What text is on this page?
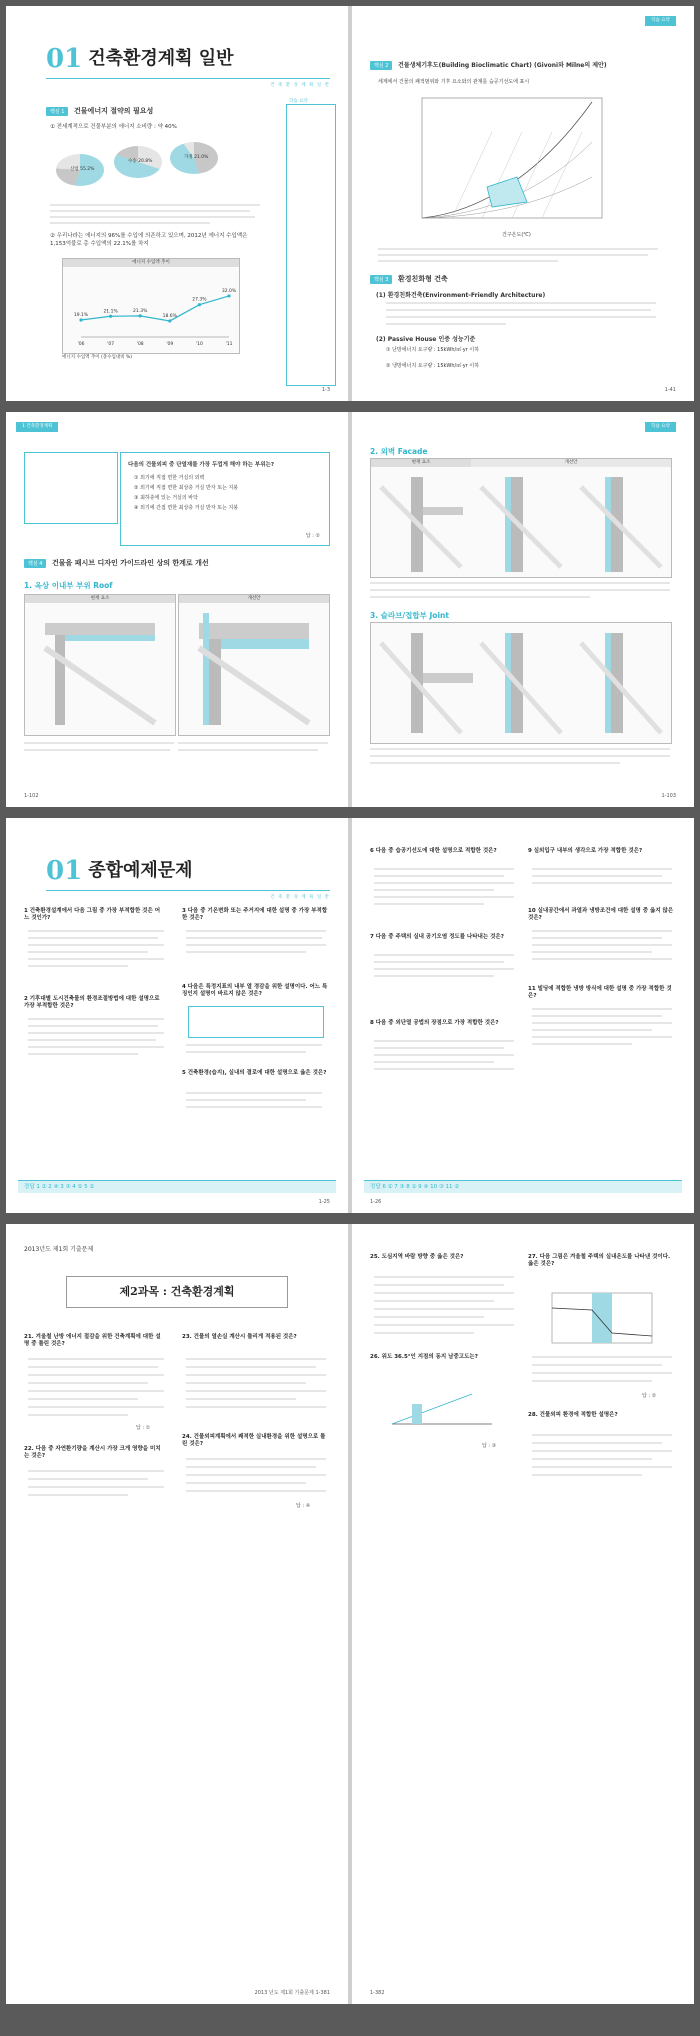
01 건축환경계획 일반
건 축 환 경 계 획 일 반
핵심 1 건물에너지 절약의 필요성
① 전세계적으로 건물부분의 에너지 소비량 : 약 40%
산업 55.2%
수송 20.8%
가정 21.0%
② 우리나라는 에너지의 96%를 수입에 의존하고 있으며, 2012년 에너지 수입액은 1,153억불로 총 수입액의 22.1%를 차지
에너지 수입액 추이
19.1%
'06
21.1%
'07
21.3%
'08
18.6%
'09
27.3%
'10
32.0%
'11
에너지 수입액 추이 (총수입대비 %)
학습 요약
1-3
학습 요약
핵심 2 건물생체기후도(Building Bioclimatic Chart) (Givoni와 Milne의 제안)
세계에서 건물의 쾌적범위와 기후 요소와의 관계를 습공기선도에 표시
건구온도(℃)
핵심 3 환경친화형 건축
(1) 환경친화건축(Environment-Friendly Architecture)
(2) Passive House 인증 성능기준
① 난방에너지 요구량 : 15kWh/㎡·yr 이하
② 냉방에너지 요구량 : 15kWh/㎡·yr 이하
1-41
1 건축환경계획
다음의 건물외피 중 단열재를 가장 두껍게 해야 하는 부위는?
① 외기에 직접 면한 거실의 외벽
② 외기에 직접 면한 최상층 거실 반자 또는 지붕
③ 최하층에 있는 거실의 바닥
④ 외기에 간접 면한 최상층 거실 반자 또는 지붕
답 : ②
핵심 4 건물을 패시브 디자인 가이드라인 상의 한계로 개선
1. 옥상 이내부 부위 Roof
현재 요소	개선안
1-102
학습 요약
2. 외벽 Facade
현재 요소	개선안
3. 슬라브/접합부 Joint
1-103
01 종합예제문제
건 축 환 경 계 획 일 반
1 건축환경설계에서 다음 그림 중 가장 부적합한 것은 어느 것인가?
2 기후대별 도시건축물의 환경조절방법에 대한 설명으로 가장 부적합한 것은?
3 다음 중 기온변화 또는 주거지에 대한 설명 중 가장 부적합한 것은?
4 다음은 특정지표의 내부 열 경감을 위한 설명이다. 어느 특징인지 설명이 바르지 않은 것은?
5 건축환경(습지), 실내의 결로에 대한 설명으로 옳은 것은?
정답 1 ② 2 ④ 3 ③ 4 ① 5 ②
1-25
6 다음 중 습공기선도에 대한 설명으로 적합한 것은?
7 다음 중 주택의 실내 공기오염 정도를 나타내는 것은?
8 다음 중 외단열 공법의 장점으로 가장 적합한 것은?
9 실외입구 내부의 생각으로 가장 적합한 것은?
10 실내공간에서 과열과 냉방조건에 대한 설명 중 옳지 않은 것은?
11 빌딩에 적합한 냉방 방식에 대한 설명 중 가장 적합한 것은?
정답 6 ② 7 ③ 8 ① 9 ④ 10 ③ 11 ②
1-26
2013년도 제1회 기출문제
제2과목 : 건축환경계획
21. 겨울철 난방 에너지 절감을 위한 건축계획에 대한 설명 중 틀린 것은?
답 : ①
22. 다음 중 자연환기량을 계산시 가장 크게 영향을 미치는 것은?
23. 건물의 열손실 계산시 틀리게 적용된 것은?
24. 건물외피계획에서 쾌적한 실내환경을 위한 설명으로 틀린 것은?
답 : ④
2013 년도 제1회 기출문제 1-381
25. 도심지역 바람 방향 중 옳은 것은?
26. 위도 36.5°인 지점의 동지 남중고도는?
답 : ③
27. 다음 그림은 겨울철 주택의 실내온도를 나타낸 것이다. 옳은 것은?
답 : ②
28. 건물외피 환경에 적합한 설명은?
1-382
